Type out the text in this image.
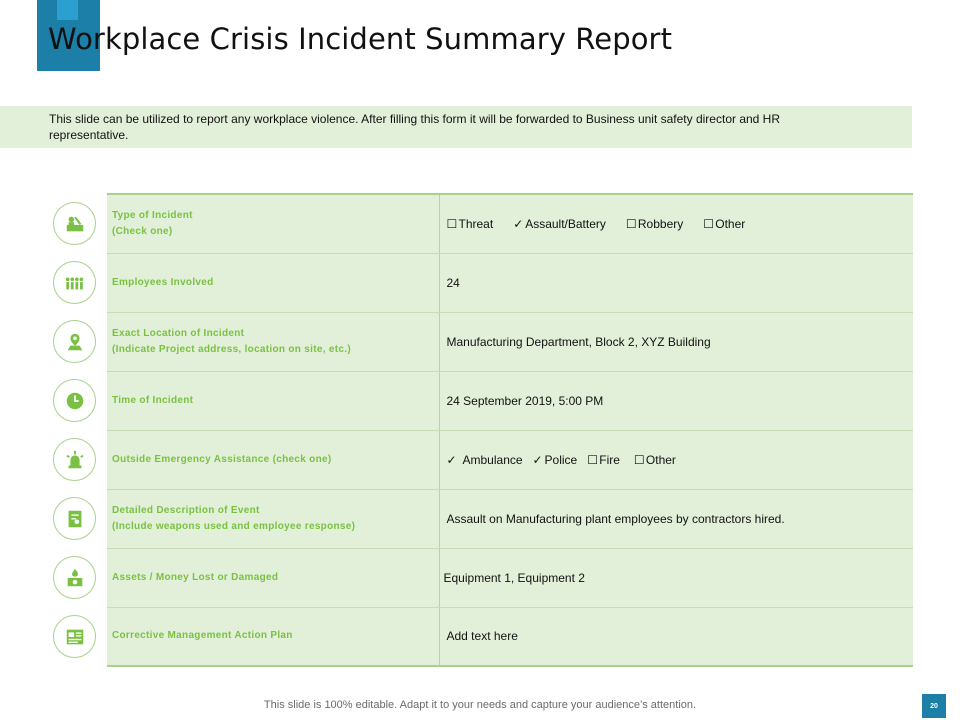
Workplace Crisis Incident Summary Report

This slide can be utilized to report any workplace violence. After filling this form it will be forwarded to Business unit safety director and HR representative.

Type of Incident
(Check one)	☐Threat ✓ Assault/Battery ☐Robbery ☐Other

Employees Involved	24

Exact Location of Incident
(Indicate Project address, location on site, etc.)	Manufacturing Department, Block 2, XYZ Building

Time of Incident	24 September 2019, 5:00 PM

Outside Emergency Assistance (check one)	✓ Ambulance ✓ Police ☐Fire ☐Other

Detailed Description of Event
(Include weapons used and employee response)	Assault on Manufacturing plant employees by contractors hired.

Assets / Money Lost or Damaged	Equipment 1, Equipment 2

Corrective Management Action Plan	Add text here
This slide is 100% editable. Adapt it to your needs and capture your audience’s attention.	20
